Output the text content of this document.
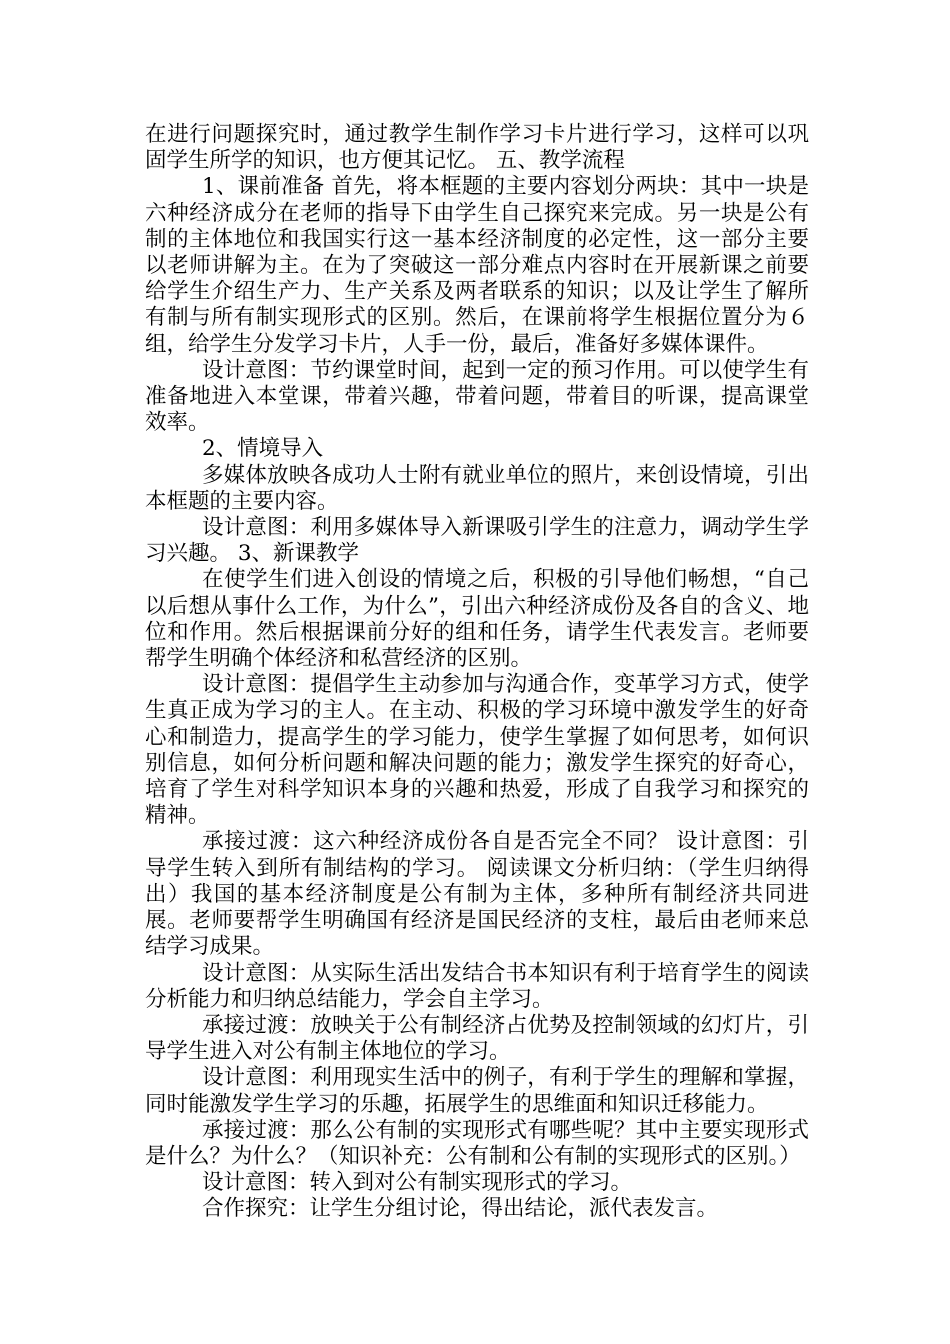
在进行问题探究时，通过教学生制作学习卡片进行学习，这样可以巩固学生所学的知识，也方便其记忆。 五、教学流程

1、课前准备 首先，将本框题的主要内容划分两块：其中一块是六种经济成分在老师的指导下由学生自己探究来完成。另一块是公有制的主体地位和我国实行这一基本经济制度的必定性，这一部分主要以老师讲解为主。在为了突破这一部分难点内容时在开展新课之前要给学生介绍生产力、生产关系及两者联系的知识；以及让学生了解所有制与所有制实现形式的区别。然后，在课前将学生根据位置分为６组，给学生分发学习卡片，人手一份，最后，准备好多媒体课件。

设计意图：节约课堂时间，起到一定的预习作用。可以使学生有准备地进入本堂课，带着兴趣，带着问题，带着目的听课，提高课堂效率。

2、情境导入

多媒体放映各成功人士附有就业单位的照片，来创设情境，引出本框题的主要内容。

设计意图：利用多媒体导入新课吸引学生的注意力，调动学生学习兴趣。 3、新课教学

在使学生们进入创设的情境之后，积极的引导他们畅想，“自己以后想从事什么工作，为什么”，引出六种经济成份及各自的含义、地位和作用。然后根据课前分好的组和任务，请学生代表发言。老师要帮学生明确个体经济和私营经济的区别。

设计意图：提倡学生主动参加与沟通合作，变革学习方式，使学生真正成为学习的主人。在主动、积极的学习环境中激发学生的好奇心和制造力，提高学生的学习能力，使学生掌握了如何思考，如何识别信息，如何分析问题和解决问题的能力；激发学生探究的好奇心，培育了学生对科学知识本身的兴趣和热爱，形成了自我学习和探究的精神。

承接过渡：这六种经济成份各自是否完全不同？ 设计意图：引导学生转入到所有制结构的学习。 阅读课文分析归纳：（学生归纳得出）我国的基本经济制度是公有制为主体，多种所有制经济共同进展。老师要帮学生明确国有经济是国民经济的支柱，最后由老师来总结学习成果。

设计意图：从实际生活出发结合书本知识有利于培育学生的阅读分析能力和归纳总结能力，学会自主学习。

承接过渡：放映关于公有制经济占优势及控制领域的幻灯片，引导学生进入对公有制主体地位的学习。

设计意图：利用现实生活中的例子，有利于学生的理解和掌握，同时能激发学生学习的乐趣，拓展学生的思维面和知识迁移能力。

承接过渡：那么公有制的实现形式有哪些呢？其中主要实现形式是什么？为什么？（知识补充：公有制和公有制的实现形式的区别。）

设计意图：转入到对公有制实现形式的学习。

合作探究：让学生分组讨论，得出结论，派代表发言。
